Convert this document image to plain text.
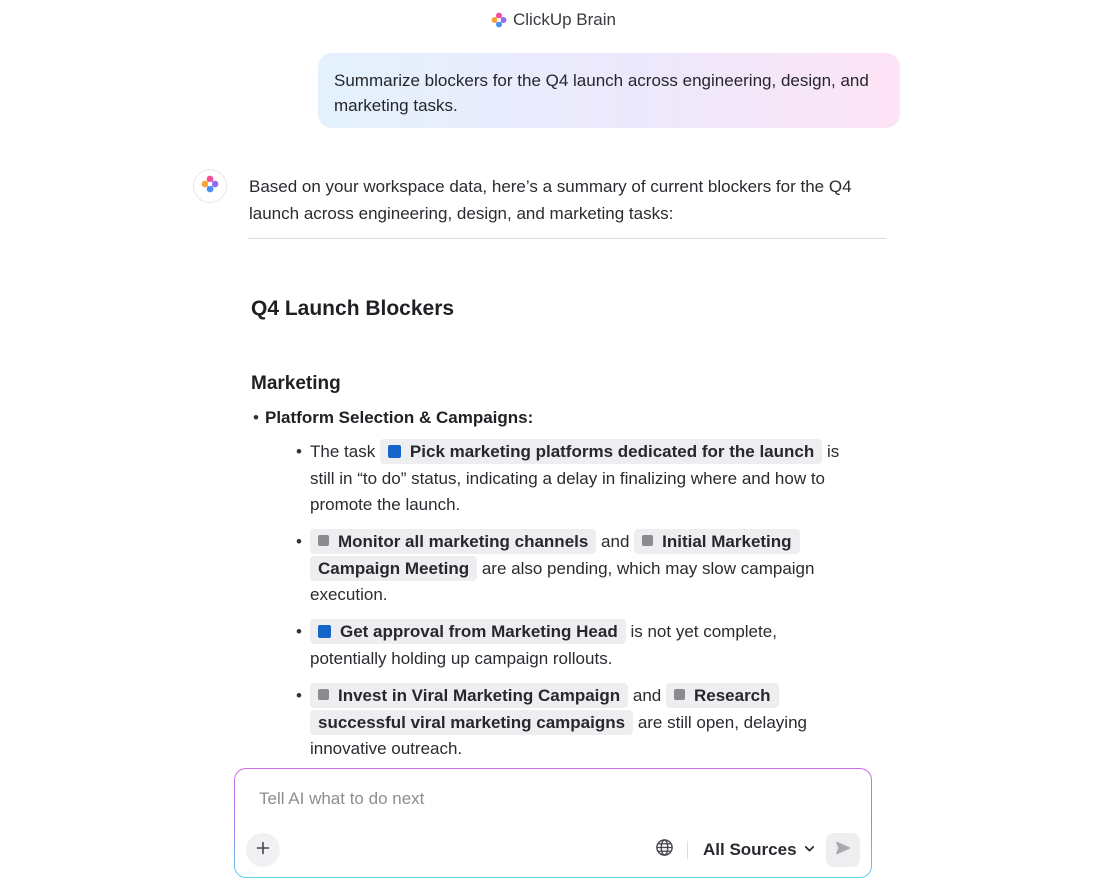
ClickUp Brain
Summarize blockers for the Q4 launch across engineering, design, and marketing tasks.
Based on your workspace data, here’s a summary of current blockers for the Q4 launch across engineering, design, and marketing tasks:
Q4 Launch Blockers
Marketing
• Platform Selection & Campaigns:
• The task Pick marketing platforms dedicated for the launch is still in “to do” status, indicating a delay in finalizing where and how to promote the launch.
• Monitor all marketing channels and Initial Marketing Campaign Meeting are also pending, which may slow campaign execution.
• Get approval from Marketing Head is not yet complete, potentially holding up campaign rollouts.
• Invest in Viral Marketing Campaign and Research successful viral marketing campaigns are still open, delaying innovative outreach.
Tell AI what to do next
All Sources
